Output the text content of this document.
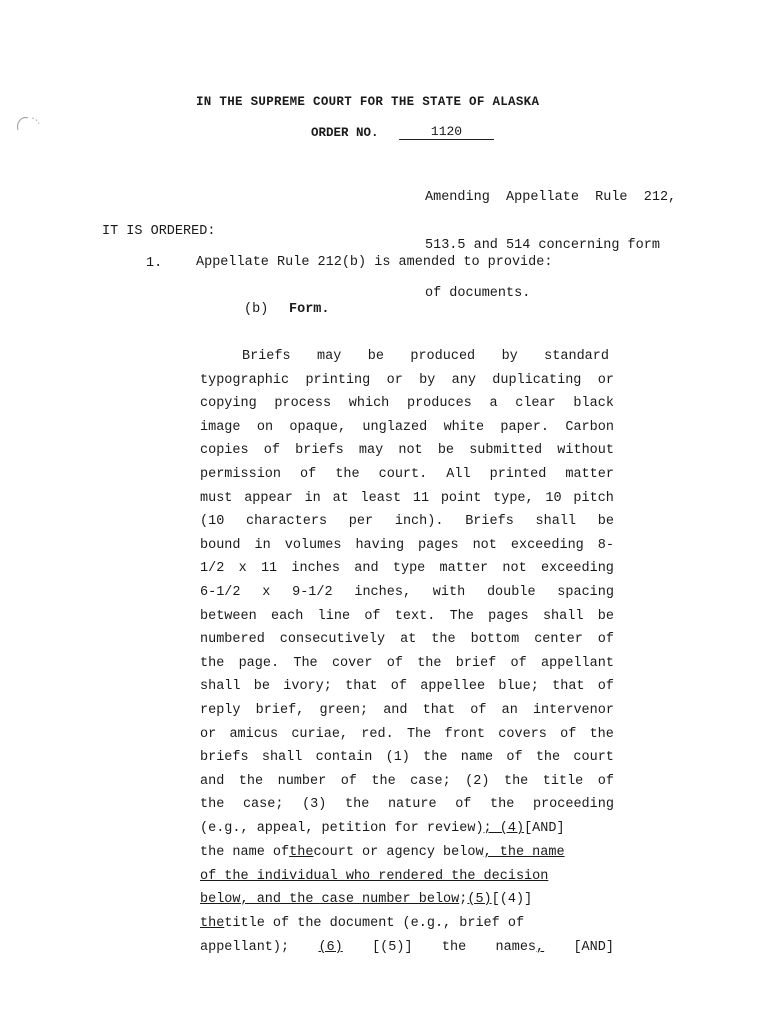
IN THE SUPREME COURT FOR THE STATE OF ALASKA
ORDER NO.	1120

Amending  Appellate  Rule  212,

513.5 and 514 concerning form

of documents.

IT IS ORDERED:
1.	Appellate Rule 212(b) is amended to provide:
(b) Form.
Briefs may be produced by standard
typographic printing or by any duplicating or
copying process which produces a clear black
image on opaque, unglazed white paper. Carbon
copies of briefs may not be submitted without
permission of the court. All printed matter
must appear in at least 11 point type, 10 pitch
(10 characters per inch). Briefs shall be
bound in volumes having pages not exceeding 8-
1/2 x 11 inches and type matter not exceeding
6-1/2 x 9-1/2 inches, with double spacing
between each line of text. The pages shall be
numbered consecutively at the bottom center of
the page. The cover of the brief of appellant
shall be ivory; that of appellee blue; that of
reply brief, green; and that of an intervenor
or amicus curiae, red. The front covers of the
briefs shall contain (1) the name of the court
and the number of the case; (2) the title of
the case; (3) the nature of the proceeding
(e.g., appeal, petition for review) ; (4) [AND]
the name of the court or agency below , the name
of the individual who rendered the decision
below, and the case number below ; (5) [(4)]
the title of the document (e.g., brief of
appellant); (6) [(5)] the names, [AND]
